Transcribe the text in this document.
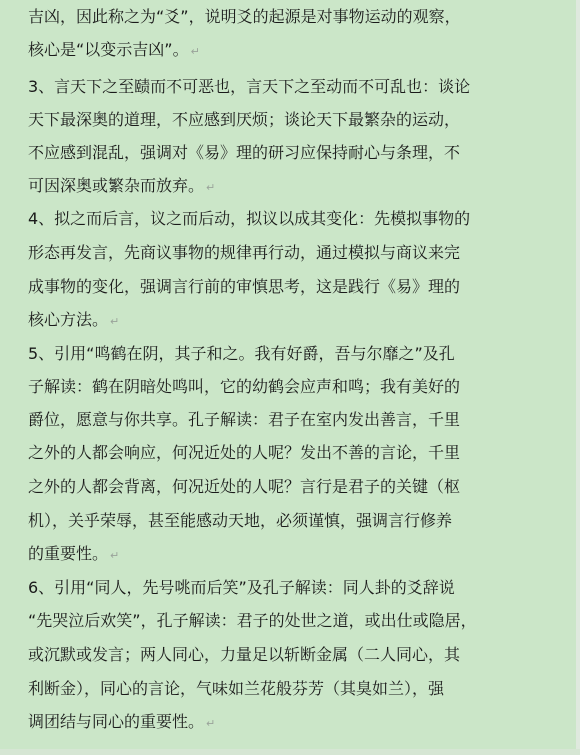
吉凶，因此称之为“爻”，说明爻的起源是对事物运动的观察，
核心是“以变示吉凶”。 ↵
3、言天下之至赜而不可恶也，言天下之至动而不可乱也：谈论
天下最深奥的道理，不应感到厌烦；谈论天下最繁杂的运动，
不应感到混乱，强调对《易》理的研习应保持耐心与条理，不
可因深奥或繁杂而放弃。 ↵
4、拟之而后言，议之而后动，拟议以成其变化：先模拟事物的
形态再发言，先商议事物的规律再行动，通过模拟与商议来完
成事物的变化，强调言行前的审慎思考，这是践行《易》理的
核心方法。 ↵
5、引用“鸣鹤在阴，其子和之。我有好爵，吾与尔靡之”及孔
子解读：鹤在阴暗处鸣叫，它的幼鹤会应声和鸣；我有美好的
爵位，愿意与你共享。孔子解读：君子在室内发出善言，千里
之外的人都会响应，何况近处的人呢？发出不善的言论，千里
之外的人都会背离，何况近处的人呢？言行是君子的关键（枢
机），关乎荣辱，甚至能感动天地，必须谨慎，强调言行修养
的重要性。 ↵
6、引用“同人，先号咷而后笑”及孔子解读：同人卦的爻辞说
“先哭泣后欢笑”，孔子解读：君子的处世之道，或出仕或隐居，
或沉默或发言；两人同心，力量足以斩断金属（二人同心，其
利断金），同心的言论，气味如兰花般芬芳（其臭如兰），强
调团结与同心的重要性。 ↵
